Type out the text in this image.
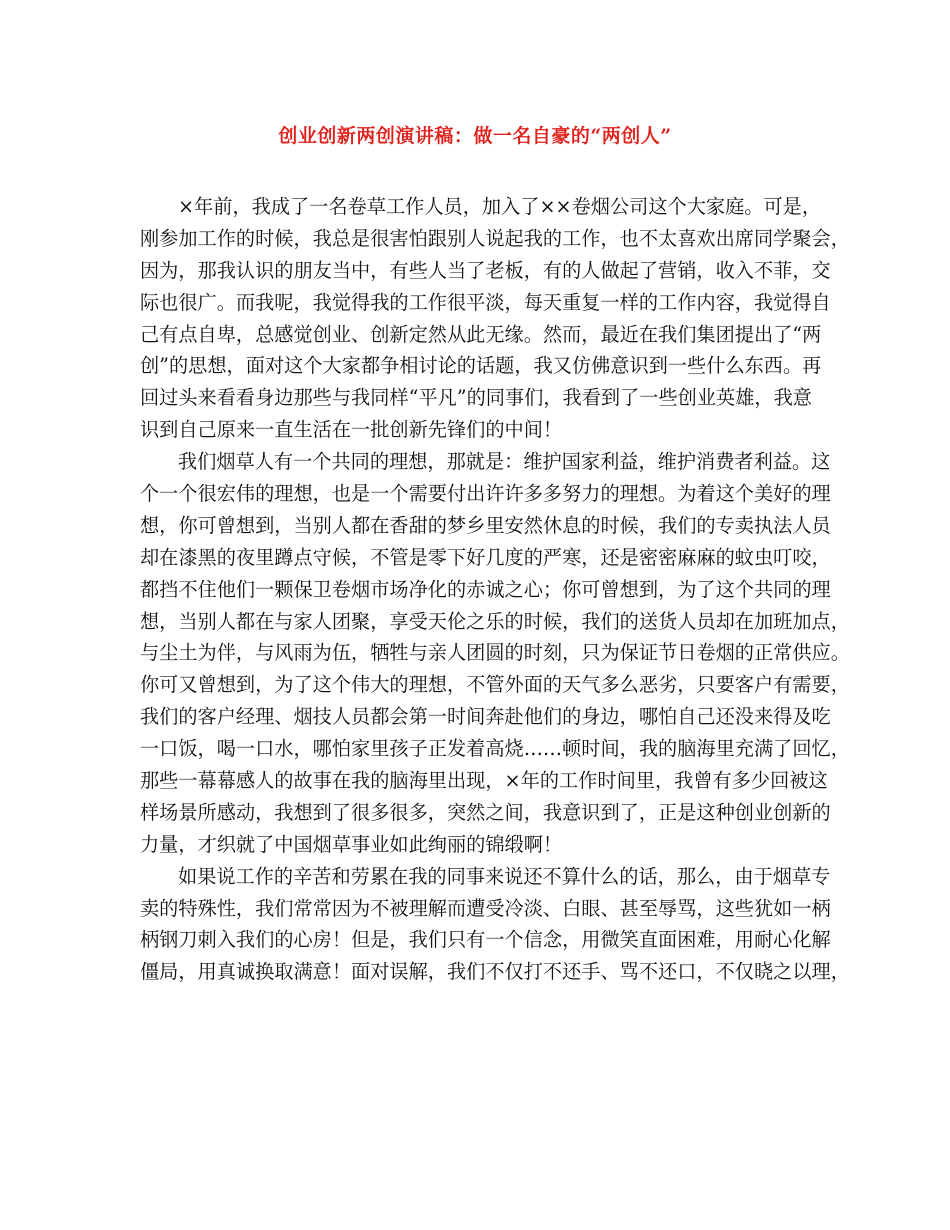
创业创新两创演讲稿：做一名自豪的“两创人”
×年前，我成了一名卷草工作人员，加入了××卷烟公司这个大家庭。可是，
刚参加工作的时候，我总是很害怕跟别人说起我的工作，也不太喜欢出席同学聚会，
因为，那我认识的朋友当中，有些人当了老板，有的人做起了营销，收入不菲，交
际也很广。而我呢，我觉得我的工作很平淡，每天重复一样的工作内容，我觉得自
己有点自卑，总感觉创业、创新定然从此无缘。然而，最近在我们集团提出了“两
创”的思想，面对这个大家都争相讨论的话题，我又仿佛意识到一些什么东西。再
回过头来看看身边那些与我同样“平凡”的同事们，我看到了一些创业英雄，我意
识到自己原来一直生活在一批创新先锋们的中间！
我们烟草人有一个共同的理想，那就是：维护国家利益，维护消费者利益。这
个一个很宏伟的理想，也是一个需要付出许许多多努力的理想。为着这个美好的理
想，你可曾想到，当别人都在香甜的梦乡里安然休息的时候，我们的专卖执法人员
却在漆黑的夜里蹲点守候，不管是零下好几度的严寒，还是密密麻麻的蚊虫叮咬，
都挡不住他们一颗保卫卷烟市场净化的赤诚之心；你可曾想到，为了这个共同的理
想，当别人都在与家人团聚，享受天伦之乐的时候，我们的送货人员却在加班加点，
与尘土为伴，与风雨为伍，牺牲与亲人团圆的时刻，只为保证节日卷烟的正常供应。
你可又曾想到，为了这个伟大的理想，不管外面的天气多么恶劣，只要客户有需要，
我们的客户经理、烟技人员都会第一时间奔赴他们的身边，哪怕自己还没来得及吃
一口饭，喝一口水，哪怕家里孩子正发着高烧……顿时间，我的脑海里充满了回忆，
那些一幕幕感人的故事在我的脑海里出现，×年的工作时间里，我曾有多少回被这
样场景所感动，我想到了很多很多，突然之间，我意识到了，正是这种创业创新的
力量，才织就了中国烟草事业如此绚丽的锦缎啊！
如果说工作的辛苦和劳累在我的同事来说还不算什么的话，那么，由于烟草专
卖的特殊性，我们常常因为不被理解而遭受冷淡、白眼、甚至辱骂，这些犹如一柄
柄钢刀刺入我们的心房！但是，我们只有一个信念，用微笑直面困难，用耐心化解
僵局，用真诚换取满意！面对误解，我们不仅打不还手、骂不还口，不仅晓之以理，
